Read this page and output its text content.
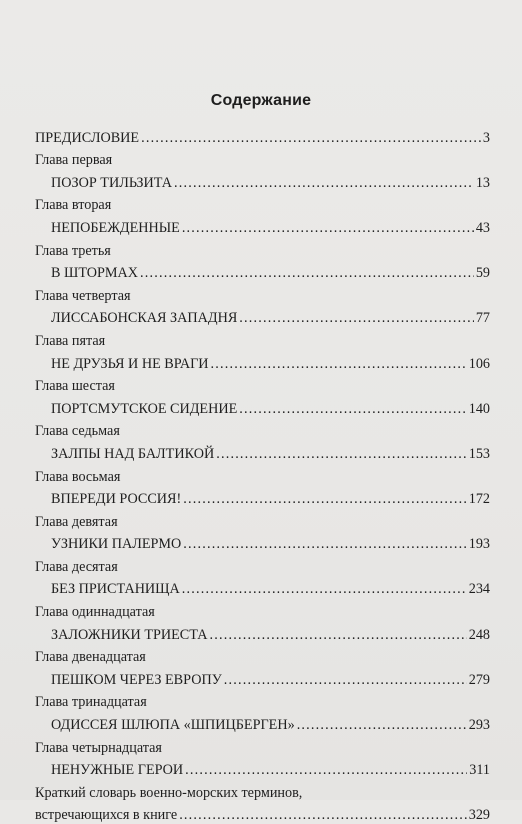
Содержание
ПРЕДИСЛОВИЕ .....	3
Глава первая
ПОЗОР ТИЛЬЗИТА .....	13
Глава вторая
НЕПОБЕЖДЕННЫЕ .....	43
Глава третья
В ШТОРМАХ .....	59
Глава четвертая
ЛИССАБОНСКАЯ ЗАПАДНЯ .....	77
Глава пятая
НЕ ДРУЗЬЯ И НЕ ВРАГИ .....	106
Глава шестая
ПОРТСМУТСКОЕ СИДЕНИЕ .....	140
Глава седьмая
ЗАЛПЫ НАД БАЛТИКОЙ .....	153
Глава восьмая
ВПЕРЕДИ РОССИЯ! .....	172
Глава девятая
УЗНИКИ ПАЛЕРМО .....	193
Глава десятая
БЕЗ ПРИСТАНИЩА .....	234
Глава одиннадцатая
ЗАЛОЖНИКИ ТРИЕСТА .....	248
Глава двенадцатая
ПЕШКОМ ЧЕРЕЗ ЕВРОПУ .....	279
Глава тринадцатая
ОДИССЕЯ ШЛЮПА «ШПИЦБЕРГЕН» .....	293
Глава четырнадцатая
НЕНУЖНЫЕ ГЕРОИ .....	311
Краткий словарь военно-морских терминов,
встречающихся в книге .....	329
